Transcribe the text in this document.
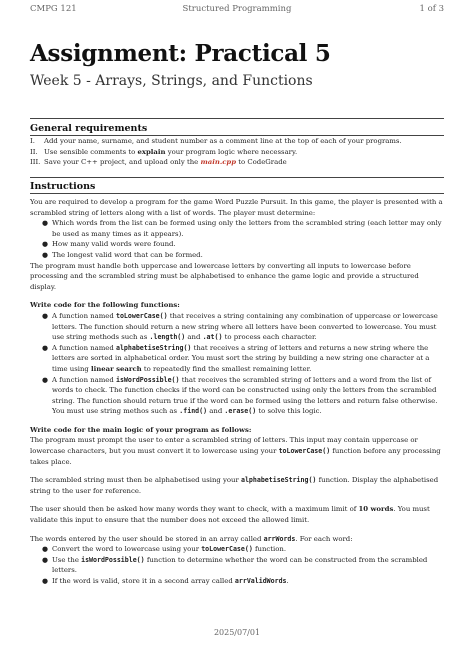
CMPG 121	Structured Programming	1 of 3
Assignment: Practical 5
Week 5 - Arrays, Strings, and Functions
General requirements

I. Add your name, surname, and student number as a comment line at the top of each of your programs.

II. Use sensible comments to explain your program logic where necessary.

III. Save your C++ project, and upload only the main.cpp to CodeGrade

Instructions

You are required to develop a program for the game Word Puzzle Pursuit. In this game, the player is presented with a scrambled string of letters along with a list of words. The player must determine:

● Which words from the list can be formed using only the letters from the scrambled string (each letter may only be used as many times as it appears).

● How many valid words were found.

● The longest valid word that can be formed.

The program must handle both uppercase and lowercase letters by converting all inputs to lowercase before processing and the scrambled string must be alphabetised to enhance the game logic and provide a structured display.

Write code for the following functions:

● A function named toLowerCase() that receives a string containing any combination of uppercase or lowercase letters. The function should return a new string where all letters have been converted to lowercase. You must use string methods such as .length() and .at() to process each character.

● A function named alphabetiseString() that receives a string of letters and returns a new string where the letters are sorted in alphabetical order. You must sort the string by building a new string one character at a time using linear search to repeatedly find the smallest remaining letter.

● A function named isWordPossible() that receives the scrambled string of letters and a word from the list of words to check. The function checks if the word can be constructed using only the letters from the scrambled string. The function should return true if the word can be formed using the letters and return false otherwise. You must use string methos such as .find() and .erase() to solve this logic.

Write code for the main logic of your program as follows:

The program must prompt the user to enter a scrambled string of letters. This input may contain uppercase or lowercase characters, but you must convert it to lowercase using your toLowerCase() function before any processing takes place.

The scrambled string must then be alphabetised using your alphabetiseString() function. Display the alphabetised string to the user for reference.

The user should then be asked how many words they want to check, with a maximum limit of 10 words. You must validate this input to ensure that the number does not exceed the allowed limit.

The words entered by the user should be stored in an array called arrWords. For each word:

● Convert the word to lowercase using your toLowerCase() function.

● Use the isWordPossible() function to determine whether the word can be constructed from the scrambled letters.

● If the word is valid, store it in a second array called arrValidWords.

2025/07/01
